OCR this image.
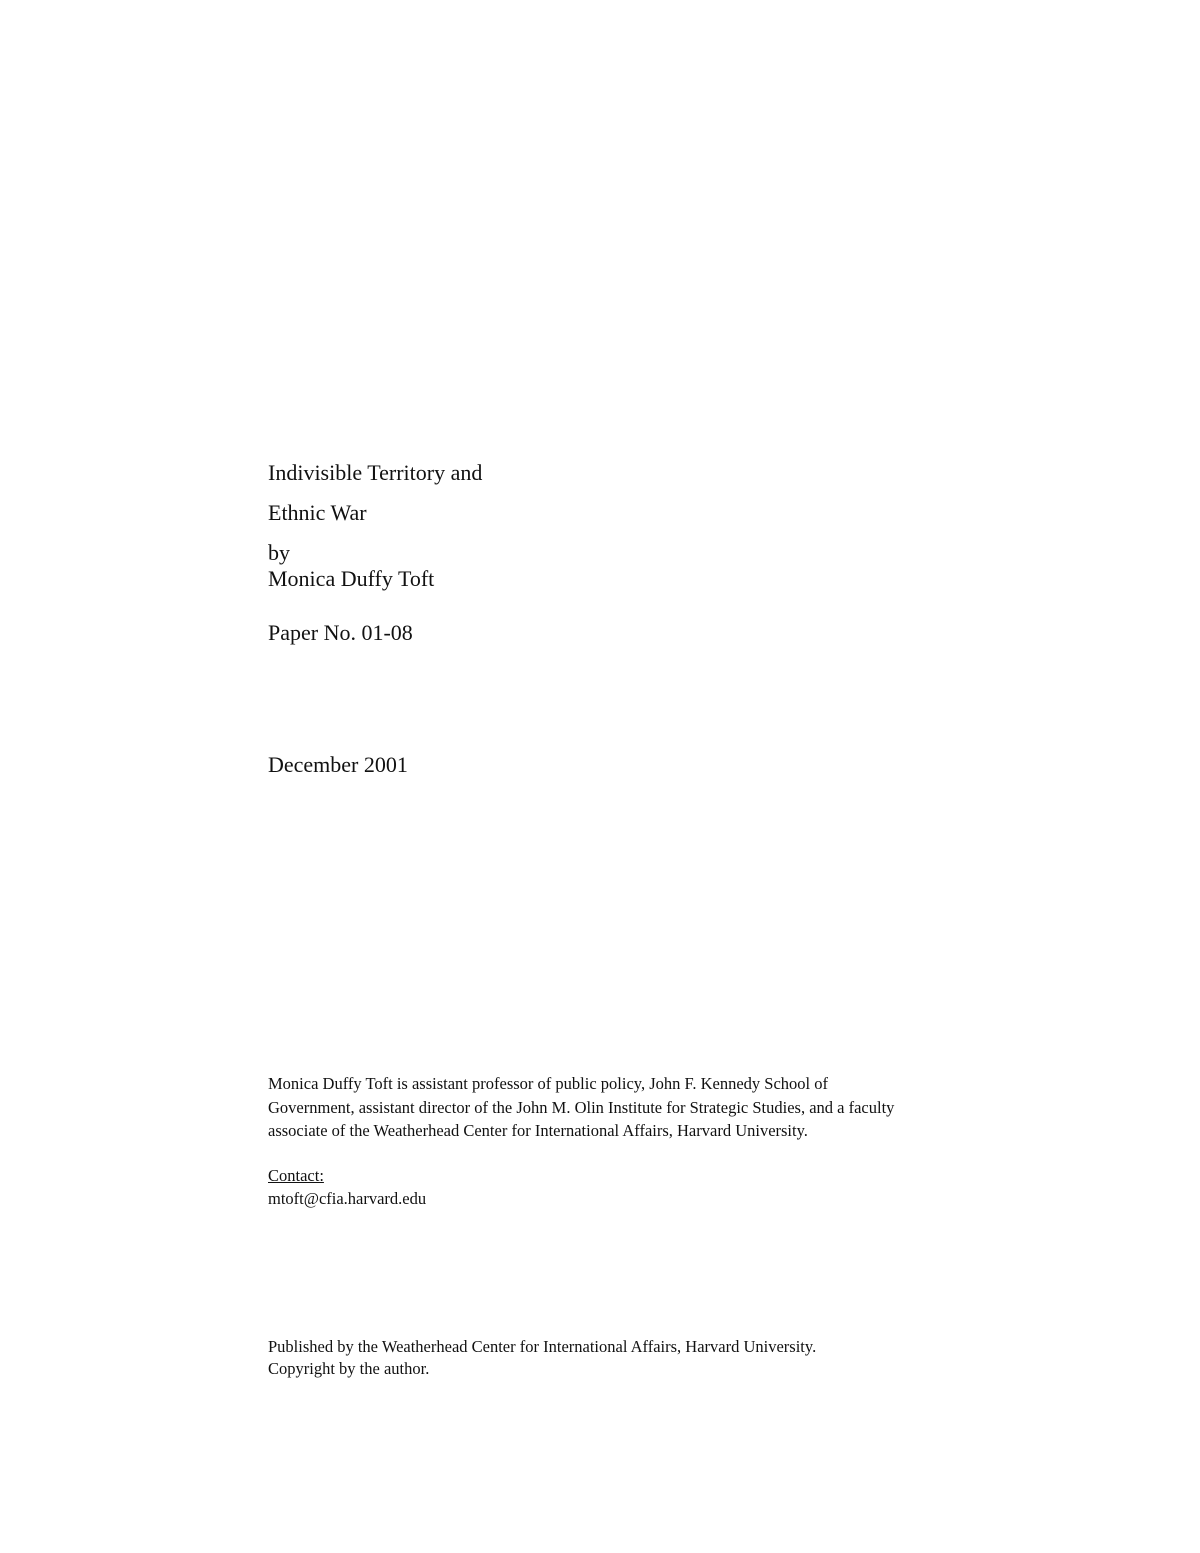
Indivisible Territory and
Ethnic War
by
Monica Duffy Toft
Paper No. 01-08
December 2001
Monica Duffy Toft is assistant professor of public policy, John F. Kennedy School of
Government, assistant director of the John M. Olin Institute for Strategic Studies, and a faculty
associate of the Weatherhead Center for International Affairs, Harvard University.
Contact:
mtoft@cfia.harvard.edu
Published by the Weatherhead Center for International Affairs, Harvard University.
Copyright by the author.
